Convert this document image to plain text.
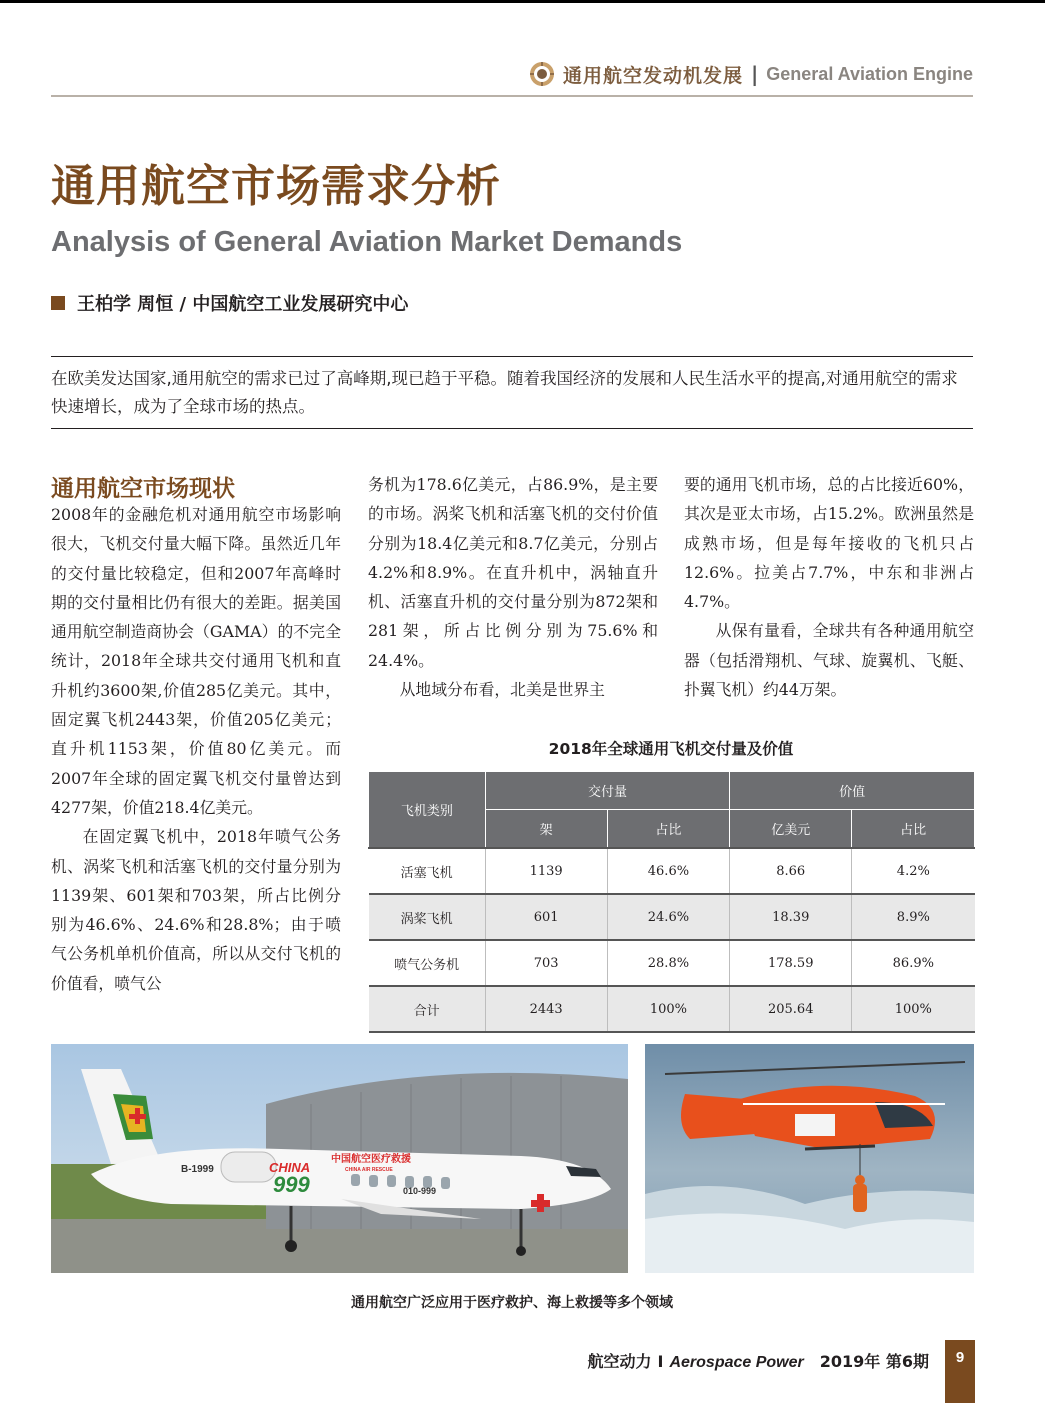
通用航空发动机发展 | General Aviation Engine
通用航空市场需求分析
Analysis of General Aviation Market Demands
王柏学 周恒 / 中国航空工业发展研究中心
在欧美发达国家,通用航空的需求已过了高峰期,现已趋于平稳。随着我国经济的发展和人民生活水平的提高,对通用航空的需求快速增长，成为了全球市场的热点。
通用航空市场现状

2008年的金融危机对通用航空市场影响很大，飞机交付量大幅下降。虽然近几年的交付量比较稳定，但和2007年高峰时期的交付量相比仍有很大的差距。据美国通用航空制造商协会（GAMA）的不完全统计，2018年全球共交付通用飞机和直升机约3600架,价值285亿美元。其中，固定翼飞机2443架，价值205亿美元；直升机1153架，价值80亿美元。而2007年全球的固定翼飞机交付量曾达到4277架，价值218.4亿美元。

在固定翼飞机中，2018年喷气公务机、涡桨飞机和活塞飞机的交付量分别为1139架、601架和703架，所占比例分别为46.6%、24.6%和28.8%；由于喷气公务机单机价值高，所以从交付飞机的价值看，喷气公

务机为178.6亿美元，占86.9%，是主要的市场。涡桨飞机和活塞飞机的交付价值分别为18.4亿美元和8.7亿美元，分别占4.2%和8.9%。在直升机中，涡轴直升机、活塞直升机的交付量分别为872架和281架，所占比例分别为75.6%和24.4%。

从地域分布看，北美是世界主

要的通用飞机市场，总的占比接近60%，其次是亚太市场，占15.2%。欧洲虽然是成熟市场，但是每年接收的飞机只占12.6%。拉美占7.7%，中东和非洲占4.7%。

从保有量看，全球共有各种通用航空器（包括滑翔机、气球、旋翼机、飞艇、扑翼飞机）约44万架。

2018年全球通用飞机交付量及价值
飞机类别	交付量		价值	
	架	占比	亿美元	占比
活塞飞机	1139	46.6%	8.66	4.2%
涡桨飞机	601	24.6%	18.39	8.9%
喷气公务机	703	28.8%	178.59	86.9%
合计	2443	100%	205.64	100%
B-1999	CHINA
999
中国航空医疗救援
CHINA AIR RESCUE
010-999
通用航空广泛应用于医疗救护、海上救援等多个领域
航空动力 I Aerospace Power 2019年 第6期	9
